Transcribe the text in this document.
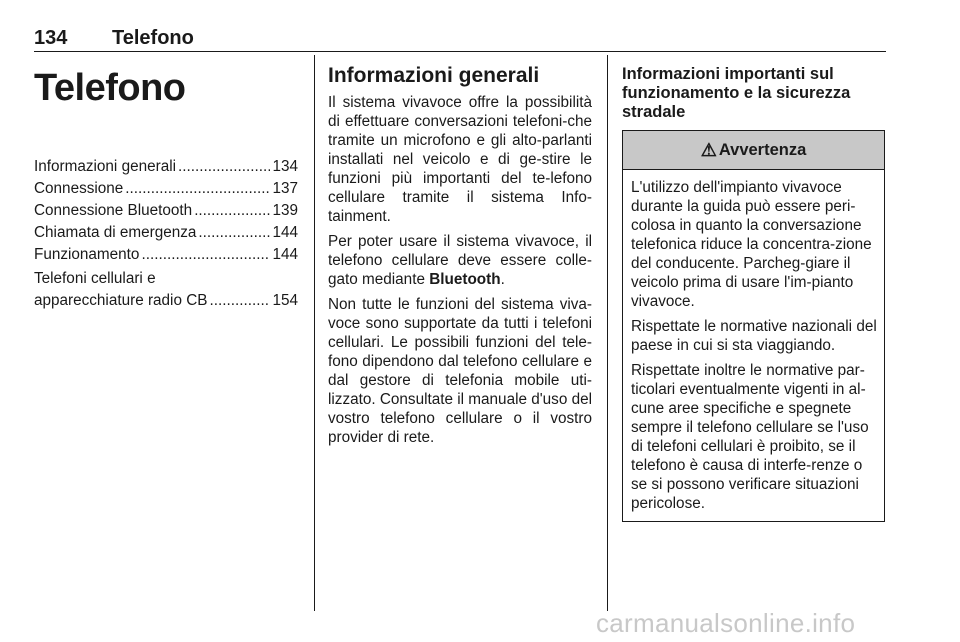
134 Telefono
Telefono
Informazioni generali .....	134
Connessione .....	137
Connessione Bluetooth .....	139
Chiamata di emergenza .....	144
Funzionamento .....	144
Telefoni cellulari e
apparecchiature radio CB .....	154
Informazioni generali

Il sistema vivavoce offre la possibilità di effettuare conversazioni telefoni-che tramite un microfono e gli alto-parlanti installati nel veicolo e di ge-stire le funzioni più importanti del te-lefono cellulare tramite il sistema Info-tainment.

Per poter usare il sistema vivavoce, il telefono cellulare deve essere colle-gato mediante Bluetooth.

Non tutte le funzioni del sistema viva-voce sono supportate da tutti i telefoni cellulari. Le possibili funzioni del tele-fono dipendono dal telefono cellulare e dal gestore di telefonia mobile uti-lizzato. Consultate il manuale d'uso del vostro telefono cellulare o il vostro provider di rete.

Informazioni importanti sul funzionamento e la sicurezza stradale
⚠ Avvertenza

L'utilizzo dell'impianto vivavoce durante la guida può essere peri-colosa in quanto la conversazione telefonica riduce la concentra-zione del conducente. Parcheg-giare il veicolo prima di usare l'im-pianto vivavoce.

Rispettate le normative nazionali del paese in cui si sta viaggiando.

Rispettate inoltre le normative par-ticolari eventualmente vigenti in al-cune aree specifiche e spegnete sempre il telefono cellulare se l'uso di telefoni cellulari è proibito, se il telefono è causa di interfe-renze o se si possono verificare situazioni pericolose.

carmanualsonline.info
